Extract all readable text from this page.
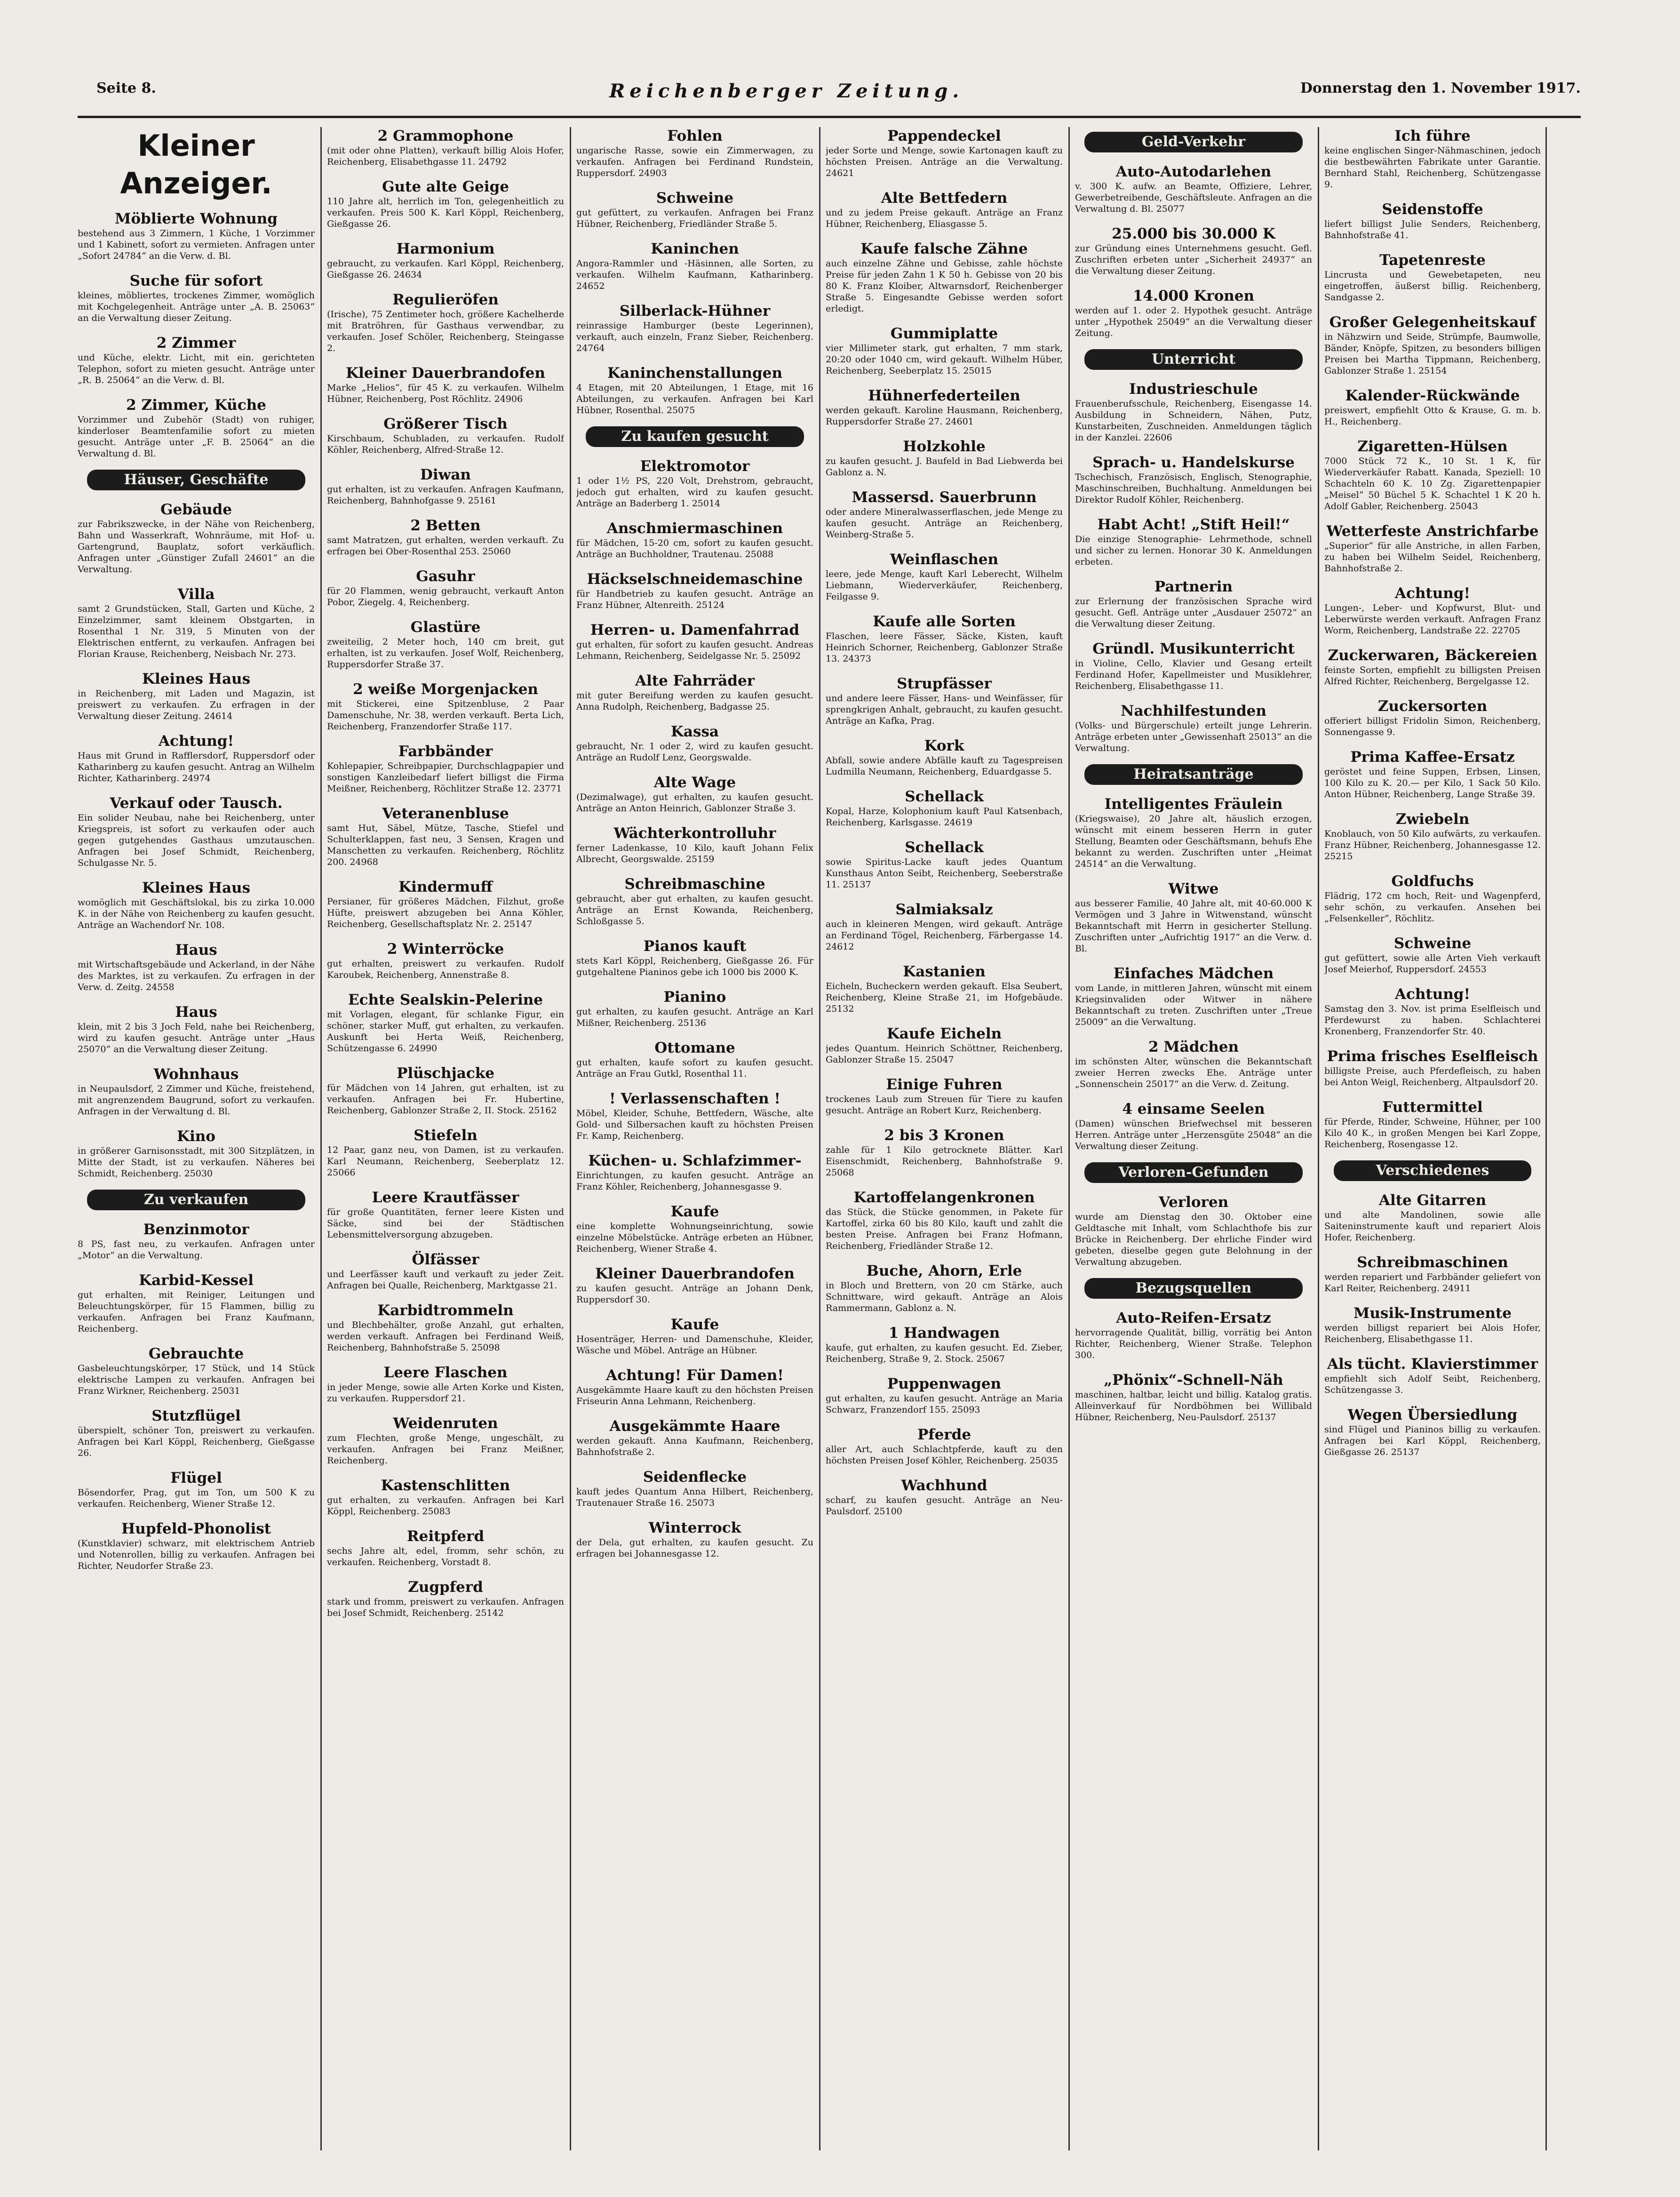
Seite 8.	Reichenberger Zeitung.	Donnerstag den 1. November 1917.
Kleiner Anzeiger.
Möblierte Wohnung
bestehend aus 3 Zimmern, 1 Küche, 1 Vorzimmer und 1 Kabinett, sofort zu vermieten. Anfragen unter „Sofort 24784“ an die Verw. d. Bl.
Suche für sofort
kleines, möbliertes, trockenes Zimmer, womöglich mit Kochgelegenheit. Anträge unter „A. B. 25063“ an die Verwaltung dieser Zeitung.
2 Zimmer
und Küche, elektr. Licht, mit ein. gerichteten Telephon, sofort zu mieten gesucht. Anträge unter „R. B. 25064“ an die Verw. d. Bl.
2 Zimmer, Küche
Vorzimmer und Zubehör (Stadt) von ruhiger, kinderloser Beamtenfamilie sofort zu mieten gesucht. Anträge unter „F. B. 25064“ an die Verwaltung d. Bl.
Häuser, Geschäfte
Gebäude
zur Fabrikszwecke, in der Nähe von Reichenberg, Bahn und Wasserkraft, Wohnräume, mit Hof- u. Gartengrund, Bauplatz, sofort verkäuflich. Anfragen unter „Günstiger Zufall 24601“ an die Verwaltung.
Villa
samt 2 Grundstücken, Stall, Garten und Küche, 2 Einzelzimmer, samt kleinem Obstgarten, in Rosenthal 1 Nr. 319, 5 Minuten von der Elektrischen entfernt, zu verkaufen. Anfragen bei Florian Krause, Reichenberg, Neisbach Nr. 273.
Kleines Haus
in Reichenberg, mit Laden und Magazin, ist preiswert zu verkaufen. Zu erfragen in der Verwaltung dieser Zeitung. 24614
Achtung!
Haus mit Grund in Rafflersdorf, Ruppersdorf oder Katharinberg zu kaufen gesucht. Antrag an Wilhelm Richter, Katharinberg. 24974
Verkauf oder Tausch.
Ein solider Neubau, nahe bei Reichenberg, unter Kriegspreis, ist sofort zu verkaufen oder auch gegen gutgehendes Gasthaus umzutauschen. Anfragen bei Josef Schmidt, Reichenberg, Schulgasse Nr. 5.
Kleines Haus
womöglich mit Geschäftslokal, bis zu zirka 10.000 K. in der Nähe von Reichenberg zu kaufen gesucht. Anträge an Wachendorf Nr. 108.
Haus
mit Wirtschaftsgebäude und Ackerland, in der Nähe des Marktes, ist zu verkaufen. Zu erfragen in der Verw. d. Zeitg. 24558
Haus
klein, mit 2 bis 3 Joch Feld, nahe bei Reichenberg, wird zu kaufen gesucht. Anträge unter „Haus 25070“ an die Verwaltung dieser Zeitung.
Wohnhaus
in Neupaulsdorf, 2 Zimmer und Küche, freistehend, mit angrenzendem Baugrund, sofort zu verkaufen. Anfragen in der Verwaltung d. Bl.
Kino
in größerer Garnisonsstadt, mit 300 Sitzplätzen, in Mitte der Stadt, ist zu verkaufen. Näheres bei Schmidt, Reichenberg. 25030
Zu verkaufen
Benzinmotor
8 PS, fast neu, zu verkaufen. Anfragen unter „Motor“ an die Verwaltung.
Karbid-Kessel
gut erhalten, mit Reiniger, Leitungen und Beleuchtungskörper, für 15 Flammen, billig zu verkaufen. Anfragen bei Franz Kaufmann, Reichenberg.
Gebrauchte
Gasbeleuchtungskörper, 17 Stück, und 14 Stück elektrische Lampen zu verkaufen. Anfragen bei Franz Wirkner, Reichenberg. 25031
Stutzflügel
überspielt, schöner Ton, preiswert zu verkaufen. Anfragen bei Karl Köppl, Reichenberg, Gießgasse 26.
Flügel
Bösendorfer, Prag, gut im Ton, um 500 K zu verkaufen. Reichenberg, Wiener Straße 12.
Hupfeld-Phonolist
(Kunstklavier) schwarz, mit elektrischem Antrieb und Notenrollen, billig zu verkaufen. Anfragen bei Richter, Neudorfer Straße 23.
2 Grammophone
(mit oder ohne Platten), verkauft billig Alois Hofer, Reichenberg, Elisabethgasse 11. 24792
Gute alte Geige
110 Jahre alt, herrlich im Ton, gelegenheitlich zu verkaufen. Preis 500 K. Karl Köppl, Reichenberg, Gießgasse 26.
Harmonium
gebraucht, zu verkaufen. Karl Köppl, Reichenberg, Gießgasse 26. 24634
Regulieröfen
(Irische), 75 Zentimeter hoch, größere Kachelherde mit Bratröhren, für Gasthaus verwendbar, zu verkaufen. Josef Schöler, Reichenberg, Steingasse 2.
Kleiner Dauerbrandofen
Marke „Helios“, für 45 K. zu verkaufen. Wilhelm Hübner, Reichenberg, Post Röchlitz. 24906
Größerer Tisch
Kirschbaum, Schubladen, zu verkaufen. Rudolf Köhler, Reichenberg, Alfred-Straße 12.
Diwan
gut erhalten, ist zu verkaufen. Anfragen Kaufmann, Reichenberg, Bahnhofgasse 9. 25161
2 Betten
samt Matratzen, gut erhalten, werden verkauft. Zu erfragen bei Ober-Rosenthal 253. 25060
Gasuhr
für 20 Flammen, wenig gebraucht, verkauft Anton Pobor, Ziegelg. 4, Reichenberg.
Glastüre
zweiteilig, 2 Meter hoch, 140 cm breit, gut erhalten, ist zu verkaufen. Josef Wolf, Reichenberg, Ruppersdorfer Straße 37.
2 weiße Morgenjacken
mit Stickerei, eine Spitzenbluse, 2 Paar Damenschuhe, Nr. 38, werden verkauft. Berta Lich, Reichenberg, Franzendorfer Straße 117.
Farbbänder
Kohlepapier, Schreibpapier, Durchschlagpapier und sonstigen Kanzleibedarf liefert billigst die Firma Meißner, Reichenberg, Röchlitzer Straße 12. 23771
Veteranenbluse
samt Hut, Säbel, Mütze, Tasche, Stiefel und Schulterklappen, fast neu, 3 Sensen, Kragen und Manschetten zu verkaufen. Reichenberg, Röchlitz 200. 24968
Kindermuff
Persianer, für größeres Mädchen, Filzhut, große Hüfte, preiswert abzugeben bei Anna Köhler, Reichenberg, Gesellschaftsplatz Nr. 2. 25147
2 Winterröcke
gut erhalten, preiswert zu verkaufen. Rudolf Karoubek, Reichenberg, Annenstraße 8.
Echte Sealskin-Pelerine
mit Vorlagen, elegant, für schlanke Figur, ein schöner, starker Muff, gut erhalten, zu verkaufen. Auskunft bei Herta Weiß, Reichenberg, Schützengasse 6. 24990
Plüschjacke
für Mädchen von 14 Jahren, gut erhalten, ist zu verkaufen. Anfragen bei Fr. Hubertine, Reichenberg, Gablonzer Straße 2, II. Stock. 25162
Stiefeln
12 Paar, ganz neu, von Damen, ist zu verkaufen. Karl Neumann, Reichenberg, Seeberplatz 12. 25066
Leere Krautfässer
für große Quantitäten, ferner leere Kisten und Säcke, sind bei der Städtischen Lebensmittelversorgung abzugeben.
Ölfässer
und Leerfässer kauft und verkauft zu jeder Zeit. Anfragen bei Qualle, Reichenberg, Marktgasse 21.
Karbidtrommeln
und Blechbehälter, große Anzahl, gut erhalten, werden verkauft. Anfragen bei Ferdinand Weiß, Reichenberg, Bahnhofstraße 5. 25098
Leere Flaschen
in jeder Menge, sowie alle Arten Korke und Kisten, zu verkaufen. Ruppersdorf 21.
Weidenruten
zum Flechten, große Menge, ungeschält, zu verkaufen. Anfragen bei Franz Meißner, Reichenberg.
Kastenschlitten
gut erhalten, zu verkaufen. Anfragen bei Karl Köppl, Reichenberg. 25083
Reitpferd
sechs Jahre alt, edel, fromm, sehr schön, zu verkaufen. Reichenberg, Vorstadt 8.
Zugpferd
stark und fromm, preiswert zu verkaufen. Anfragen bei Josef Schmidt, Reichenberg. 25142
Fohlen
ungarische Rasse, sowie ein Zimmerwagen, zu verkaufen. Anfragen bei Ferdinand Rundstein, Ruppersdorf. 24903
Schweine
gut gefüttert, zu verkaufen. Anfragen bei Franz Hübner, Reichenberg, Friedländer Straße 5.
Kaninchen
Angora-Rammler und -Häsinnen, alle Sorten, zu verkaufen. Wilhelm Kaufmann, Katharinberg. 24652
Silberlack-Hühner
reinrassige Hamburger (beste Legerinnen), verkauft, auch einzeln, Franz Sieber, Reichenberg. 24764
Kaninchenstallungen
4 Etagen, mit 20 Abteilungen, 1 Etage, mit 16 Abteilungen, zu verkaufen. Anfragen bei Karl Hübner, Rosenthal. 25075
Zu kaufen gesucht
Elektromotor
1 oder 1½ PS, 220 Volt, Drehstrom, gebraucht, jedoch gut erhalten, wird zu kaufen gesucht. Anträge an Baderberg 1. 25014
Anschmiermaschinen
für Mädchen, 15-20 cm, sofort zu kaufen gesucht. Anträge an Buchholdner, Trautenau. 25088
Häckselschneidemaschine
für Handbetrieb zu kaufen gesucht. Anträge an Franz Hübner, Altenreith. 25124
Herren- u. Damenfahrrad
gut erhalten, für sofort zu kaufen gesucht. Andreas Lehmann, Reichenberg, Seidelgasse Nr. 5. 25092
Alte Fahrräder
mit guter Bereifung werden zu kaufen gesucht. Anna Rudolph, Reichenberg, Badgasse 25.
Kassa
gebraucht, Nr. 1 oder 2, wird zu kaufen gesucht. Anträge an Rudolf Lenz, Georgswalde.
Alte Wage
(Dezimalwage), gut erhalten, zu kaufen gesucht. Anträge an Anton Heinrich, Gablonzer Straße 3.
Wächterkontrolluhr
ferner Ladenkasse, 10 Kilo, kauft Johann Felix Albrecht, Georgswalde. 25159
Schreibmaschine
gebraucht, aber gut erhalten, zu kaufen gesucht. Anträge an Ernst Kowanda, Reichenberg, Schloßgasse 5.
Pianos kauft
stets Karl Köppl, Reichenberg, Gießgasse 26. Für gutgehaltene Pianinos gebe ich 1000 bis 2000 K.
Pianino
gut erhalten, zu kaufen gesucht. Anträge an Karl Mißner, Reichenberg. 25136
Ottomane
gut erhalten, kaufe sofort zu kaufen gesucht. Anträge an Frau Gutkl, Rosenthal 11.
! Verlassenschaften !
Möbel, Kleider, Schuhe, Bettfedern, Wäsche, alte Gold- und Silbersachen kauft zu höchsten Preisen Fr. Kamp, Reichenberg.
Küchen- u. Schlafzimmer-
Einrichtungen, zu kaufen gesucht. Anträge an Franz Köhler, Reichenberg, Johannesgasse 9.
Kaufe
eine komplette Wohnungseinrichtung, sowie einzelne Möbelstücke. Anträge erbeten an Hübner, Reichenberg, Wiener Straße 4.
Kleiner Dauerbrandofen
zu kaufen gesucht. Anträge an Johann Denk, Ruppersdorf 30.
Kaufe
Hosenträger, Herren- und Damenschuhe, Kleider, Wäsche und Möbel. Anträge an Hübner.
Achtung! Für Damen!
Ausgekämmte Haare kauft zu den höchsten Preisen Friseurin Anna Lehmann, Reichenberg.
Ausgekämmte Haare
werden gekauft. Anna Kaufmann, Reichenberg, Bahnhofstraße 2.
Seidenflecke
kauft jedes Quantum Anna Hilbert, Reichenberg, Trautenauer Straße 16. 25073
Winterrock
der Dela, gut erhalten, zu kaufen gesucht. Zu erfragen bei Johannesgasse 12.
Pappendeckel
jeder Sorte und Menge, sowie Kartonagen kauft zu höchsten Preisen. Anträge an die Verwaltung. 24621
Alte Bettfedern
und zu jedem Preise gekauft. Anträge an Franz Hübner, Reichenberg, Eliasgasse 5.
Kaufe falsche Zähne
auch einzelne Zähne und Gebisse, zahle höchste Preise für jeden Zahn 1 K 50 h. Gebisse von 20 bis 80 K. Franz Kloiber, Altwarnsdorf, Reichenberger Straße 5. Eingesandte Gebisse werden sofort erledigt.
Gummiplatte
vier Millimeter stark, gut erhalten, 7 mm stark, 20:20 oder 1040 cm, wird gekauft. Wilhelm Hüber, Reichenberg, Seeberplatz 15. 25015
Hühnerfederteilen
werden gekauft. Karoline Hausmann, Reichenberg, Ruppersdorfer Straße 27. 24601
Holzkohle
zu kaufen gesucht. J. Baufeld in Bad Liebwerda bei Gablonz a. N.
Massersd. Sauerbrunn
oder andere Mineralwasserflaschen, jede Menge zu kaufen gesucht. Anträge an Reichenberg, Weinberg-Straße 5.
Weinflaschen
leere, jede Menge, kauft Karl Leberecht, Wilhelm Liebmann, Wiederverkäufer, Reichenberg, Feilgasse 9.
Kaufe alle Sorten
Flaschen, leere Fässer, Säcke, Kisten, kauft Heinrich Schorner, Reichenberg, Gablonzer Straße 13. 24373
Strupfässer
und andere leere Fässer, Hans- und Weinfässer, für sprengkrigen Anhalt, gebraucht, zu kaufen gesucht. Anträge an Kafka, Prag.
Kork
Abfall, sowie andere Abfälle kauft zu Tagespreisen Ludmilla Neumann, Reichenberg, Eduardgasse 5.
Schellack
Kopal, Harze, Kolophonium kauft Paul Katsenbach, Reichenberg, Karlsgasse. 24619
Schellack
sowie Spiritus-Lacke kauft jedes Quantum Kunsthaus Anton Seibt, Reichenberg, Seeberstraße 11. 25137
Salmiaksalz
auch in kleineren Mengen, wird gekauft. Anträge an Ferdinand Tögel, Reichenberg, Färbergasse 14. 24612
Kastanien
Eicheln, Bucheckern werden gekauft. Elsa Seubert, Reichenberg, Kleine Straße 21, im Hofgebäude. 25132
Kaufe Eicheln
jedes Quantum. Heinrich Schöttner, Reichenberg, Gablonzer Straße 15. 25047
Einige Fuhren
trockenes Laub zum Streuen für Tiere zu kaufen gesucht. Anträge an Robert Kurz, Reichenberg.
2 bis 3 Kronen
zahle für 1 Kilo getrocknete Blätter. Karl Eisenschmidt, Reichenberg, Bahnhofstraße 9. 25068
Kartoffelangenkronen
das Stück, die Stücke genommen, in Pakete für Kartoffel, zirka 60 bis 80 Kilo, kauft und zahlt die besten Preise. Anfragen bei Franz Hofmann, Reichenberg, Friedländer Straße 12.
Buche, Ahorn, Erle
in Bloch und Brettern, von 20 cm Stärke, auch Schnittware, wird gekauft. Anträge an Alois Rammermann, Gablonz a. N.
1 Handwagen
kaufe, gut erhalten, zu kaufen gesucht. Ed. Zieber, Reichenberg, Straße 9, 2. Stock. 25067
Puppenwagen
gut erhalten, zu kaufen gesucht. Anträge an Maria Schwarz, Franzendorf 155. 25093
Pferde
aller Art, auch Schlachtpferde, kauft zu den höchsten Preisen Josef Köhler, Reichenberg. 25035
Wachhund
scharf, zu kaufen gesucht. Anträge an Neu-Paulsdorf. 25100
Geld-Verkehr
Auto-Autodarlehen
v. 300 K. aufw. an Beamte, Offiziere, Lehrer, Gewerbetreibende, Geschäftsleute. Anfragen an die Verwaltung d. Bl. 25077
25.000 bis 30.000 K
zur Gründung eines Unternehmens gesucht. Gefl. Zuschriften erbeten unter „Sicherheit 24937“ an die Verwaltung dieser Zeitung.
14.000 Kronen
werden auf 1. oder 2. Hypothek gesucht. Anträge unter „Hypothek 25049“ an die Verwaltung dieser Zeitung.
Unterricht
Industrieschule
Frauenberufsschule, Reichenberg, Eisengasse 14. Ausbildung in Schneidern, Nähen, Putz, Kunstarbeiten, Zuschneiden. Anmeldungen täglich in der Kanzlei. 22606
Sprach- u. Handelskurse
Tschechisch, Französisch, Englisch, Stenographie, Maschinschreiben, Buchhaltung. Anmeldungen bei Direktor Rudolf Köhler, Reichenberg.
Habt Acht! „Stift Heil!“
Die einzige Stenographie- Lehrmethode, schnell und sicher zu lernen. Honorar 30 K. Anmeldungen erbeten.
Partnerin
zur Erlernung der französischen Sprache wird gesucht. Gefl. Anträge unter „Ausdauer 25072“ an die Verwaltung dieser Zeitung.
Gründl. Musikunterricht
in Violine, Cello, Klavier und Gesang erteilt Ferdinand Hofer, Kapellmeister und Musiklehrer, Reichenberg, Elisabethgasse 11.
Nachhilfestunden
(Volks- und Bürgerschule) erteilt junge Lehrerin. Anträge erbeten unter „Gewissenhaft 25013“ an die Verwaltung.
Heiratsanträge
Intelligentes Fräulein
(Kriegswaise), 20 Jahre alt, häuslich erzogen, wünscht mit einem besseren Herrn in guter Stellung, Beamten oder Geschäftsmann, behufs Ehe bekannt zu werden. Zuschriften unter „Heimat 24514“ an die Verwaltung.
Witwe
aus besserer Familie, 40 Jahre alt, mit 40-60.000 K Vermögen und 3 Jahre in Witwenstand, wünscht Bekanntschaft mit Herrn in gesicherter Stellung. Zuschriften unter „Aufrichtig 1917“ an die Verw. d. Bl.
Einfaches Mädchen
vom Lande, in mittleren Jahren, wünscht mit einem Kriegsinvaliden oder Witwer in nähere Bekanntschaft zu treten. Zuschriften unter „Treue 25009“ an die Verwaltung.
2 Mädchen
im schönsten Alter, wünschen die Bekanntschaft zweier Herren zwecks Ehe. Anträge unter „Sonnenschein 25017“ an die Verw. d. Zeitung.
4 einsame Seelen
(Damen) wünschen Briefwechsel mit besseren Herren. Anträge unter „Herzensgüte 25048“ an die Verwaltung dieser Zeitung.
Verloren-Gefunden
Verloren
wurde am Dienstag den 30. Oktober eine Geldtasche mit Inhalt, vom Schlachthofe bis zur Brücke in Reichenberg. Der ehrliche Finder wird gebeten, dieselbe gegen gute Belohnung in der Verwaltung abzugeben.
Bezugsquellen
Auto-Reifen-Ersatz
hervorragende Qualität, billig, vorrätig bei Anton Richter, Reichenberg, Wiener Straße. Telephon 300.
„Phönix“-Schnell-Näh
maschinen, haltbar, leicht und billig. Katalog gratis. Alleinverkauf für Nordböhmen bei Willibald Hübner, Reichenberg, Neu-Paulsdorf. 25137
Ich führe
keine englischen Singer-Nähmaschinen, jedoch die bestbewährten Fabrikate unter Garantie. Bernhard Stahl, Reichenberg, Schützengasse 9.
Seidenstoffe
liefert billigst Julie Senders, Reichenberg, Bahnhofstraße 41.
Tapetenreste
Lincrusta und Gewebetapeten, neu eingetroffen, äußerst billig. Reichenberg, Sandgasse 2.
Großer Gelegenheitskauf
in Nähzwirn und Seide, Strümpfe, Baumwolle, Bänder, Knöpfe, Spitzen, zu besonders billigen Preisen bei Martha Tippmann, Reichenberg, Gablonzer Straße 1. 25154
Kalender-Rückwände
preiswert, empfiehlt Otto & Krause, G. m. b. H., Reichenberg.
Zigaretten-Hülsen
7000 Stück 72 K., 10 St. 1 K, für Wiederverkäufer Rabatt. Kanada, Speziell: 10 Schachteln 60 K. 10 Zg. Zigarettenpapier „Meisel“ 50 Büchel 5 K. Schachtel 1 K 20 h. Adolf Gabler, Reichenberg. 25043
Wetterfeste Anstrichfarbe
„Superior“ für alle Anstriche, in allen Farben, zu haben bei Wilhelm Seidel, Reichenberg, Bahnhofstraße 2.
Achtung!
Lungen-, Leber- und Kopfwurst, Blut- und Leberwürste werden verkauft. Anfragen Franz Worm, Reichenberg, Landstraße 22. 22705
Zuckerwaren, Bäckereien
feinste Sorten, empfiehlt zu billigsten Preisen Alfred Richter, Reichenberg, Bergelgasse 12.
Zuckersorten
offeriert billigst Fridolin Simon, Reichenberg, Sonnengasse 9.
Prima Kaffee-Ersatz
geröstet und feine Suppen, Erbsen, Linsen, 100 Kilo zu K. 20.— per Kilo, 1 Sack 50 Kilo. Anton Hübner, Reichenberg, Lange Straße 39.
Zwiebeln
Knoblauch, von 50 Kilo aufwärts, zu verkaufen. Franz Hübner, Reichenberg, Johannesgasse 12. 25215
Goldfuchs
Flädrig, 172 cm hoch, Reit- und Wagenpferd, sehr schön, zu verkaufen. Ansehen bei „Felsenkeller“, Röchlitz.
Schweine
gut gefüttert, sowie alle Arten Vieh verkauft Josef Meierhof, Ruppersdorf. 24553
Achtung!
Samstag den 3. Nov. ist prima Eselfleisch und Pferdewurst zu haben. Schlachterei Kronenberg, Franzendorfer Str. 40.
Prima frisches Eselfleisch
billigste Preise, auch Pferdefleisch, zu haben bei Anton Weigl, Reichenberg, Altpaulsdorf 20.
Futtermittel
für Pferde, Rinder, Schweine, Hühner, per 100 Kilo 40 K., in großen Mengen bei Karl Zoppe, Reichenberg, Rosengasse 12.
Verschiedenes
Alte Gitarren
und alte Mandolinen, sowie alle Saiteninstrumente kauft und repariert Alois Hofer, Reichenberg.
Schreibmaschinen
werden repariert und Farbbänder geliefert von Karl Reiter, Reichenberg. 24911
Musik-Instrumente
werden billigst repariert bei Alois Hofer, Reichenberg, Elisabethgasse 11.
Als tücht. Klavierstimmer
empfiehlt sich Adolf Seibt, Reichenberg, Schützengasse 3.
Wegen Übersiedlung
sind Flügel und Pianinos billig zu verkaufen. Anfragen bei Karl Köppl, Reichenberg, Gießgasse 26. 25137
